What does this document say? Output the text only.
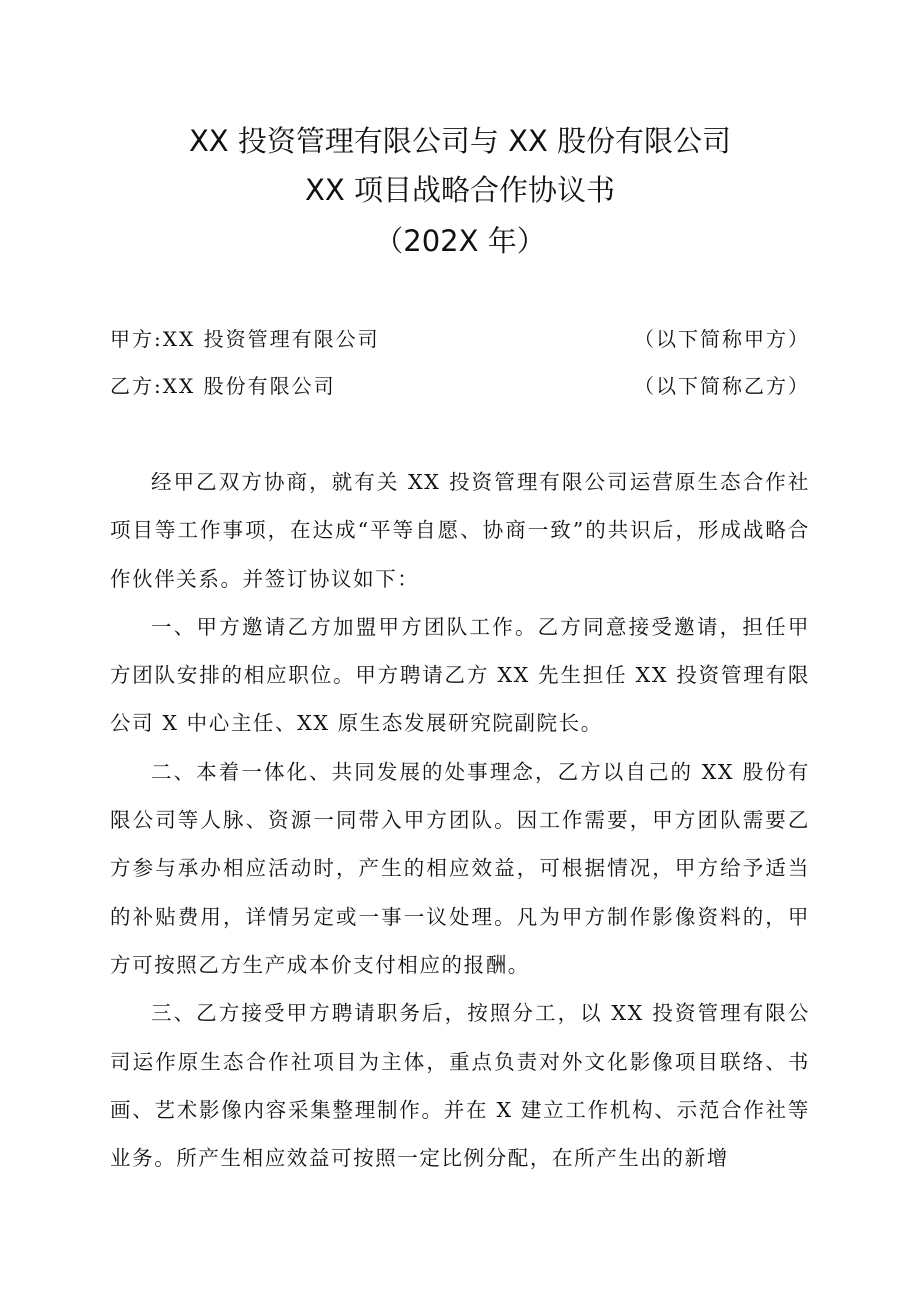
XX 投资管理有限公司与 XX 股份有限公司
XX 项目战略合作协议书
（202X 年）
甲方:XX 投资管理有限公司	（以下简称甲方）
乙方:XX 股份有限公司	（以下简称乙方）

经甲乙双方协商，就有关 XX 投资管理有限公司运营原生态合作社项目等工作事项，在达成“平等自愿、协商一致”的共识后，形成战略合作伙伴关系。并签订协议如下：

一、甲方邀请乙方加盟甲方团队工作。乙方同意接受邀请，担任甲方团队安排的相应职位。甲方聘请乙方 XX 先生担任 XX 投资管理有限公司 X 中心主任、XX 原生态发展研究院副院长。

二、本着一体化、共同发展的处事理念，乙方以自己的 XX 股份有限公司等人脉、资源一同带入甲方团队。因工作需要，甲方团队需要乙方参与承办相应活动时，产生的相应效益，可根据情况，甲方给予适当的补贴费用，详情另定或一事一议处理。凡为甲方制作影像资料的，甲方可按照乙方生产成本价支付相应的报酬。

三、乙方接受甲方聘请职务后，按照分工，以 XX 投资管理有限公司运作原生态合作社项目为主体，重点负责对外文化影像项目联络、书画、艺术影像内容采集整理制作。并在 X 建立工作机构、示范合作社等业务。所产生相应效益可按照一定比例分配，在所产生出的新增
